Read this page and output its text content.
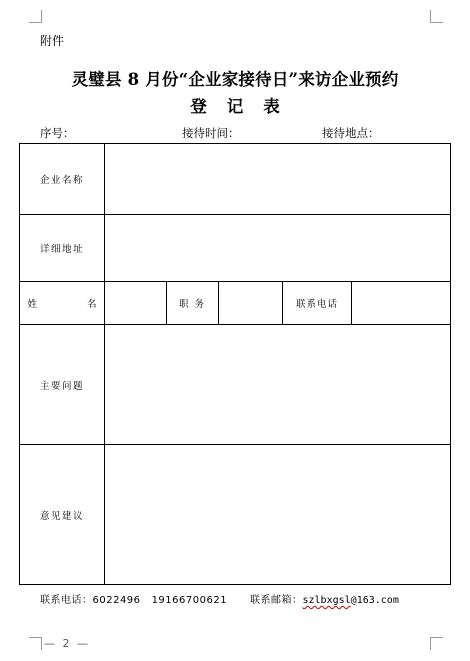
附件
灵璧县 8 月份“企业家接待日”来访企业预约
登记表
序号：	接待时间：	接待地点：
企业名称					
详细地址					
姓  名		职 务		联系电话	
主要问题					
意见建议					
联系电话：6022496   19166700621 联系邮箱：szlbxgsl@163.com
— 2 —
